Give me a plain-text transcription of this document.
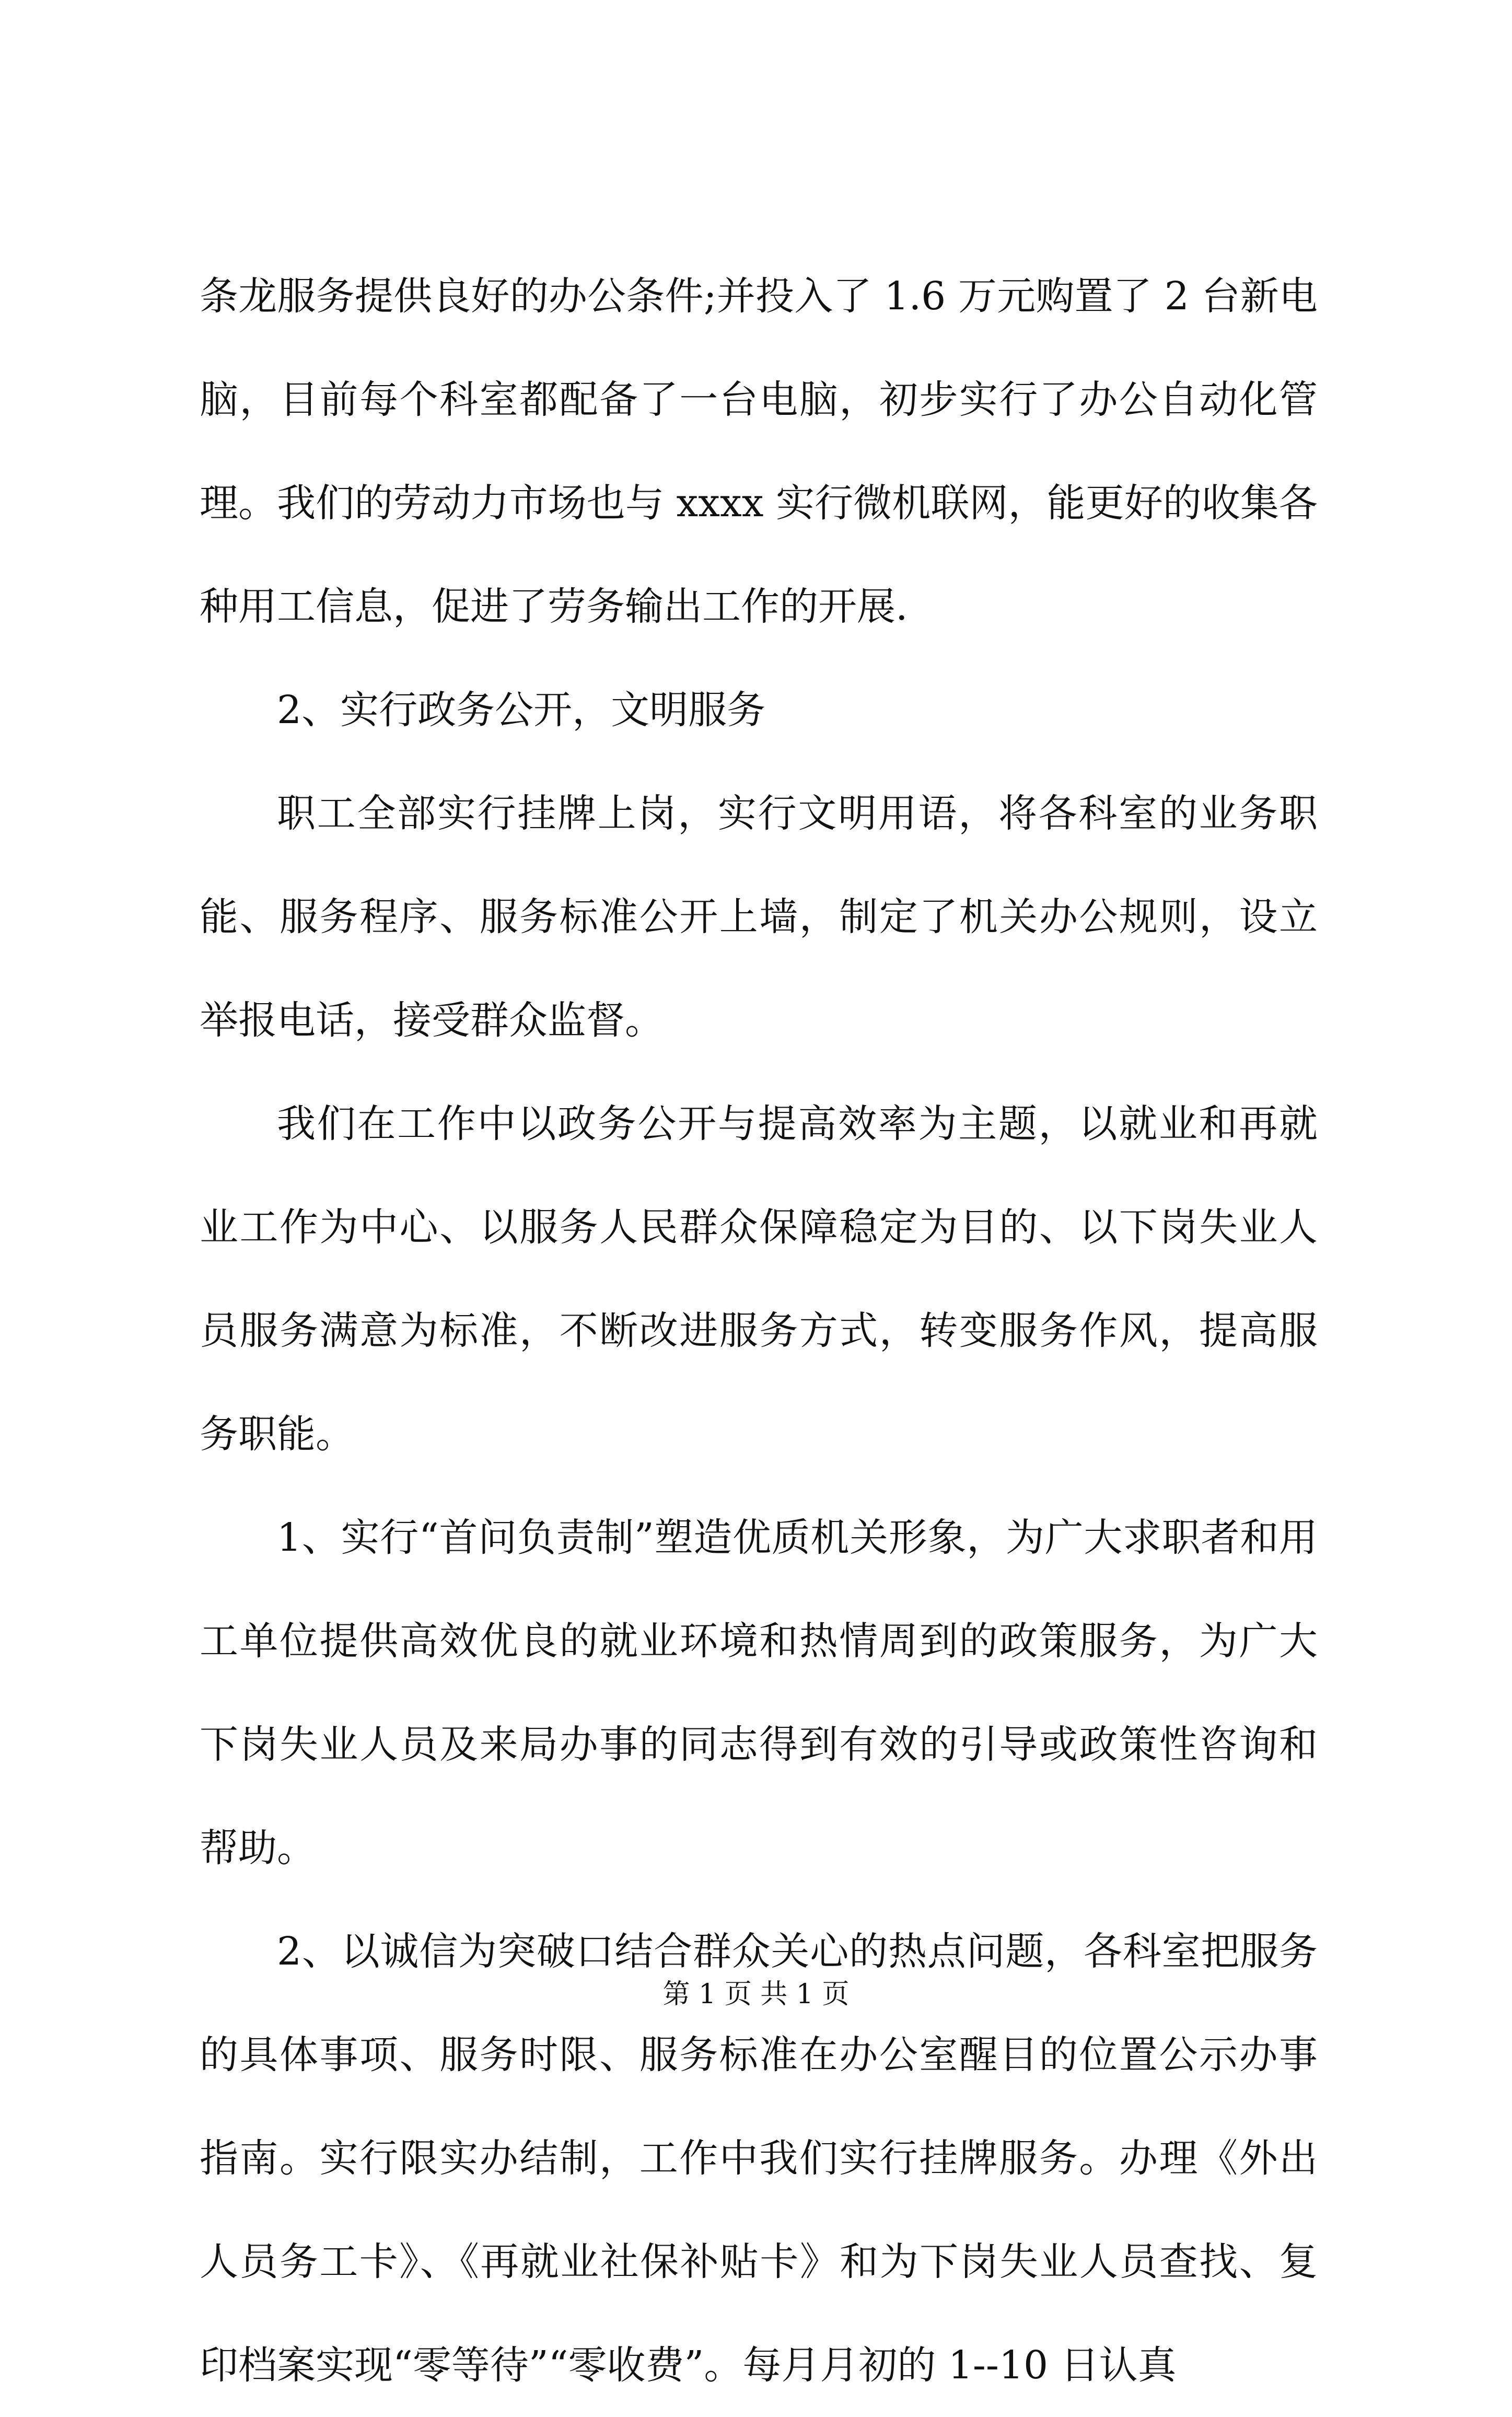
条龙服务提供良好的办公条件;并投入了 1.6 万元购置了 2 台新电脑，目前每个科室都配备了一台电脑，初步实行了办公自动化管理。我们的劳动力市场也与 xxxx 实行微机联网，能更好的收集各种用工信息，促进了劳务输出工作的开展.

2、实行政务公开，文明服务

职工全部实行挂牌上岗，实行文明用语，将各科室的业务职能、服务程序、服务标准公开上墙，制定了机关办公规则，设立举报电话，接受群众监督。

我们在工作中以政务公开与提高效率为主题，以就业和再就业工作为中心、以服务人民群众保障稳定为目的、以下岗失业人员服务满意为标准，不断改进服务方式，转变服务作风，提高服务职能。

1、实行“首问负责制”塑造优质机关形象，为广大求职者和用工单位提供高效优良的就业环境和热情周到的政策服务，为广大下岗失业人员及来局办事的同志得到有效的引导或政策性咨询和帮助。

2、以诚信为突破口结合群众关心的热点问题，各科室把服务的具体事项、服务时限、服务标准在办公室醒目的位置公示办事指南。实行限实办结制，工作中我们实行挂牌服务。办理《外出人员务工卡》、《再就业社保补贴卡》和为下岗失业人员查找、复印档案实现“零等待”“零收费”。每月月初的 1--10 日认真

第 1 页 共 1 页
